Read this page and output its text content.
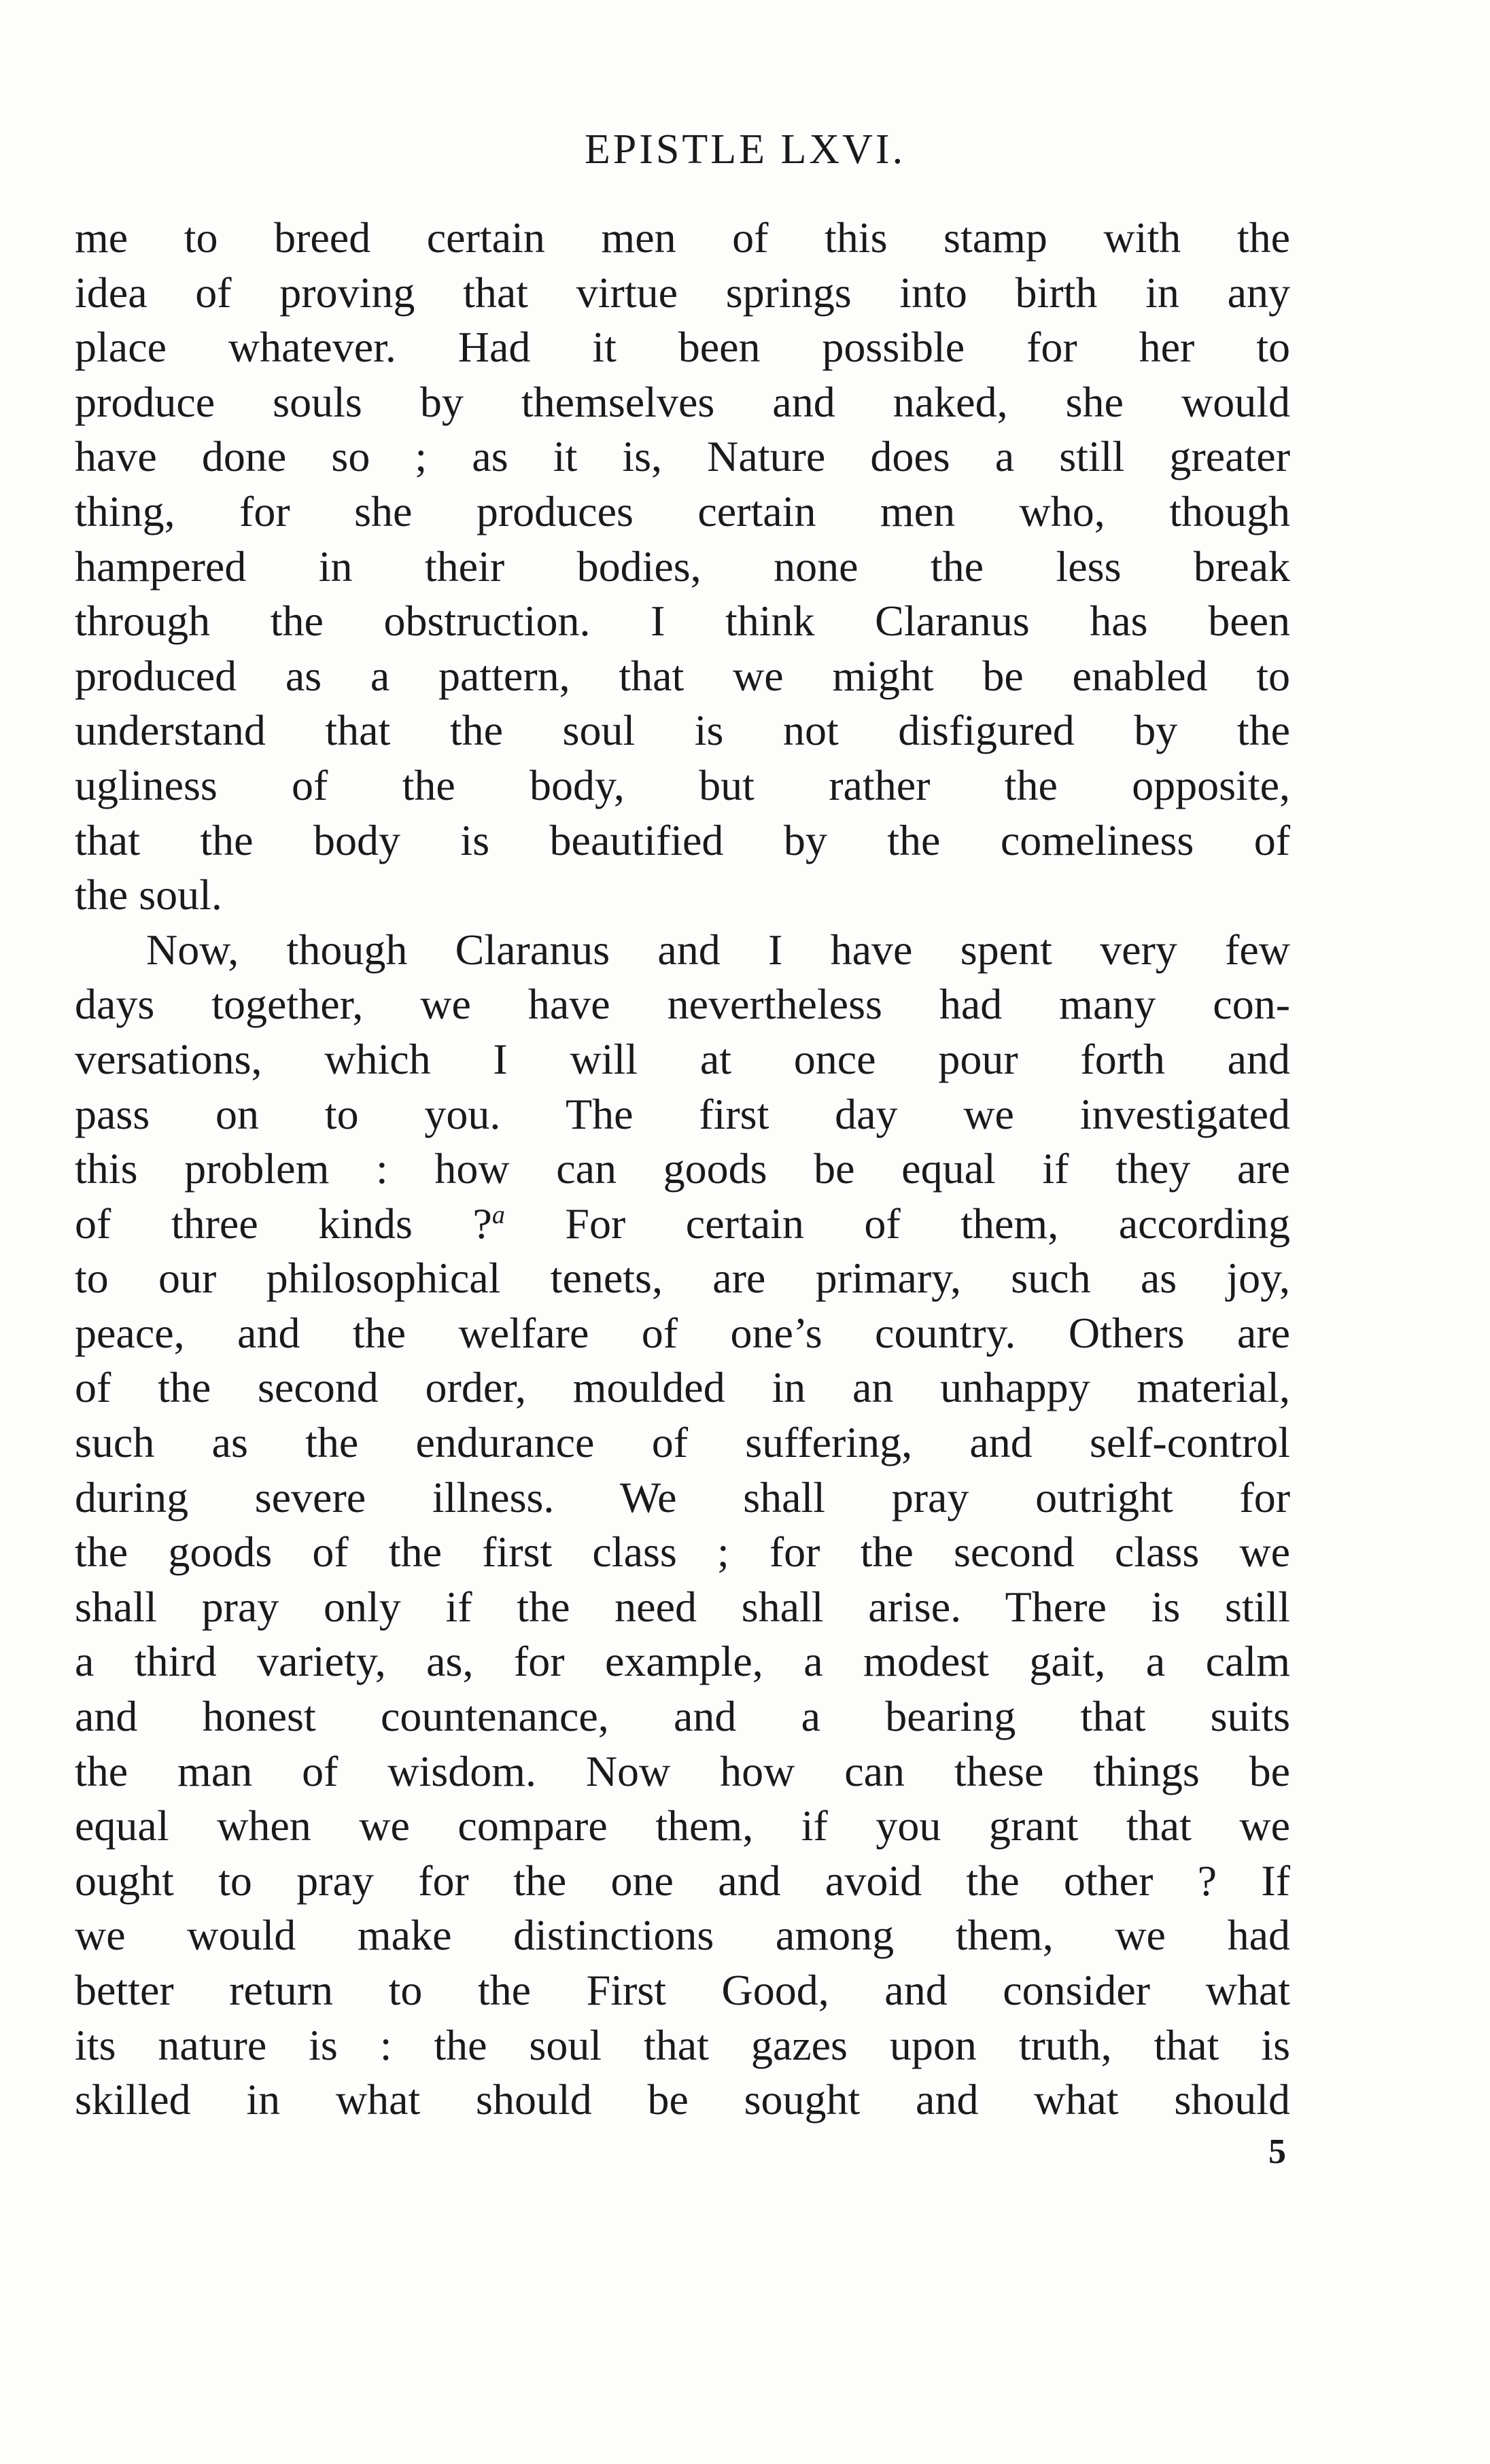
EPISTLE LXVI.
me to breed certain men of this stamp with the
idea of proving that virtue springs into birth in any
place whatever. Had it been possible for her to
produce souls by themselves and naked, she would
have done so ; as it is, Nature does a still greater
thing, for she produces certain men who, though
hampered in their bodies, none the less break
through the obstruction. I think Claranus has been
produced as a pattern, that we might be enabled to
understand that the soul is not disfigured by the
ugliness of the body, but rather the opposite,
that the body is beautified by the comeliness of
the soul.
Now, though Claranus and I have spent very few
days together, we have nevertheless had many con-
versations, which I will at once pour forth and
pass on to you. The first day we investigated
this problem : how can goods be equal if they are
of three kinds ?$^a$ For certain of them, according
to our philosophical tenets, are primary, such as joy,
peace, and the welfare of one’s country. Others are
of the second order, moulded in an unhappy material,
such as the endurance of suffering, and self-control
during severe illness. We shall pray outright for
the goods of the first class ; for the second class we
shall pray only if the need shall arise. There is still
a third variety, as, for example, a modest gait, a calm
and honest countenance, and a bearing that suits
the man of wisdom. Now how can these things be
equal when we compare them, if you grant that we
ought to pray for the one and avoid the other ? If
we would make distinctions among them, we had
better return to the First Good, and consider what
its nature is : the soul that gazes upon truth, that is
skilled in what should be sought and what should
5
